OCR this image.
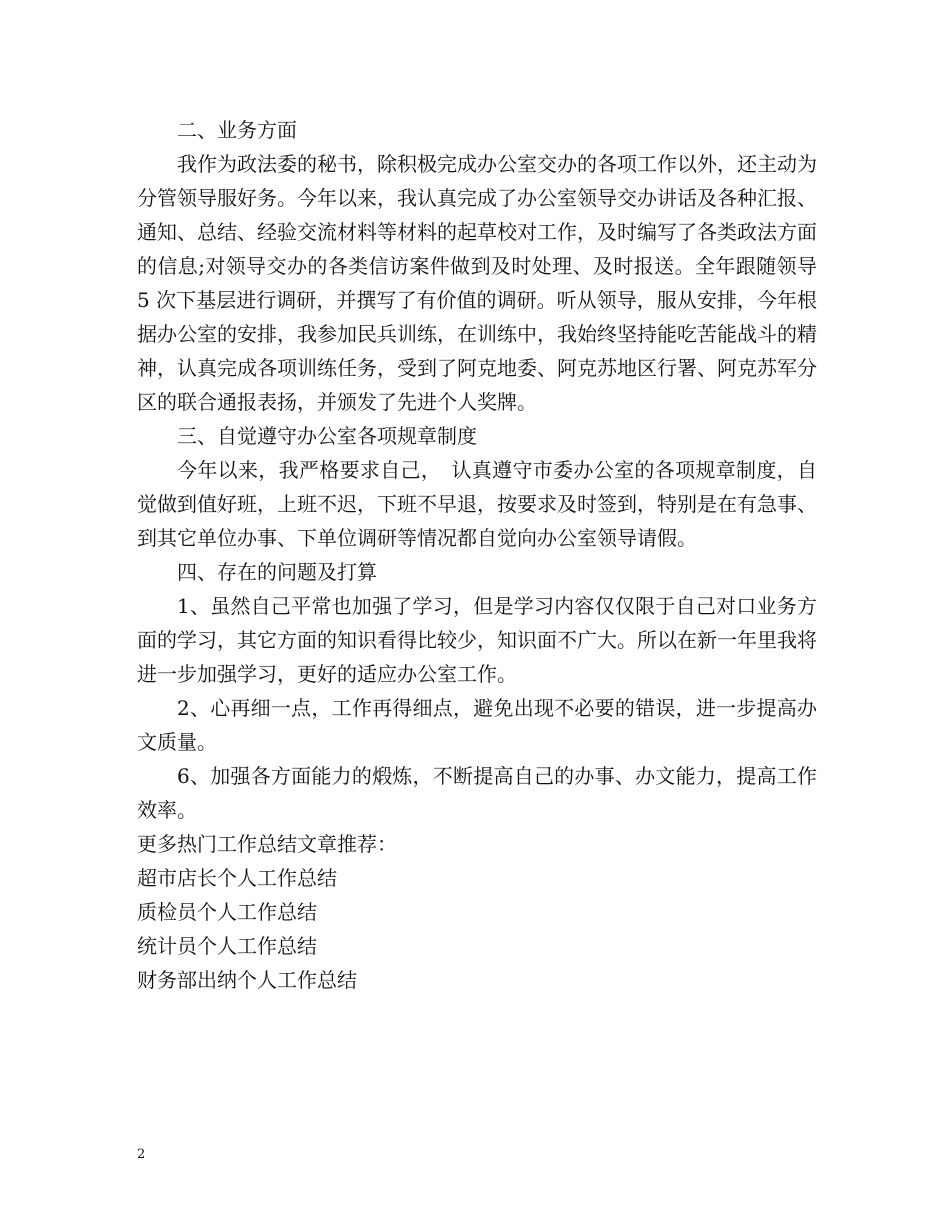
二、业务方面

我作为政法委的秘书，除积极完成办公室交办的各项工作以外，还主动为分管领导服好务。今年以来，我认真完成了办公室领导交办讲话及各种汇报、通知、总结、经验交流材料等材料的起草校对工作，及时编写了各类政法方面的信息;对领导交办的各类信访案件做到及时处理、及时报送。全年跟随领导 5 次下基层进行调研，并撰写了有价值的调研。听从领导，服从安排，今年根据办公室的安排，我参加民兵训练，在训练中，我始终坚持能吃苦能战斗的精神，认真完成各项训练任务，受到了阿克地委、阿克苏地区行署、阿克苏军分区的联合通报表扬，并颁发了先进个人奖牌。

三、自觉遵守办公室各项规章制度

今年以来，我严格要求自己，　认真遵守市委办公室的各项规章制度，自觉做到值好班，上班不迟，下班不早退，按要求及时签到，特别是在有急事、到其它单位办事、下单位调研等情况都自觉向办公室领导请假。

四、存在的问题及打算

1、虽然自己平常也加强了学习，但是学习内容仅仅限于自己对口业务方面的学习，其它方面的知识看得比较少，知识面不广大。所以在新一年里我将进一步加强学习，更好的适应办公室工作。

2、心再细一点，工作再得细点，避免出现不必要的错误，进一步提高办文质量。

6、加强各方面能力的煅炼，不断提高自己的办事、办文能力，提高工作效率。

更多热门工作总结文章推荐：

超市店长个人工作总结

质检员个人工作总结

统计员个人工作总结

财务部出纳个人工作总结

2
